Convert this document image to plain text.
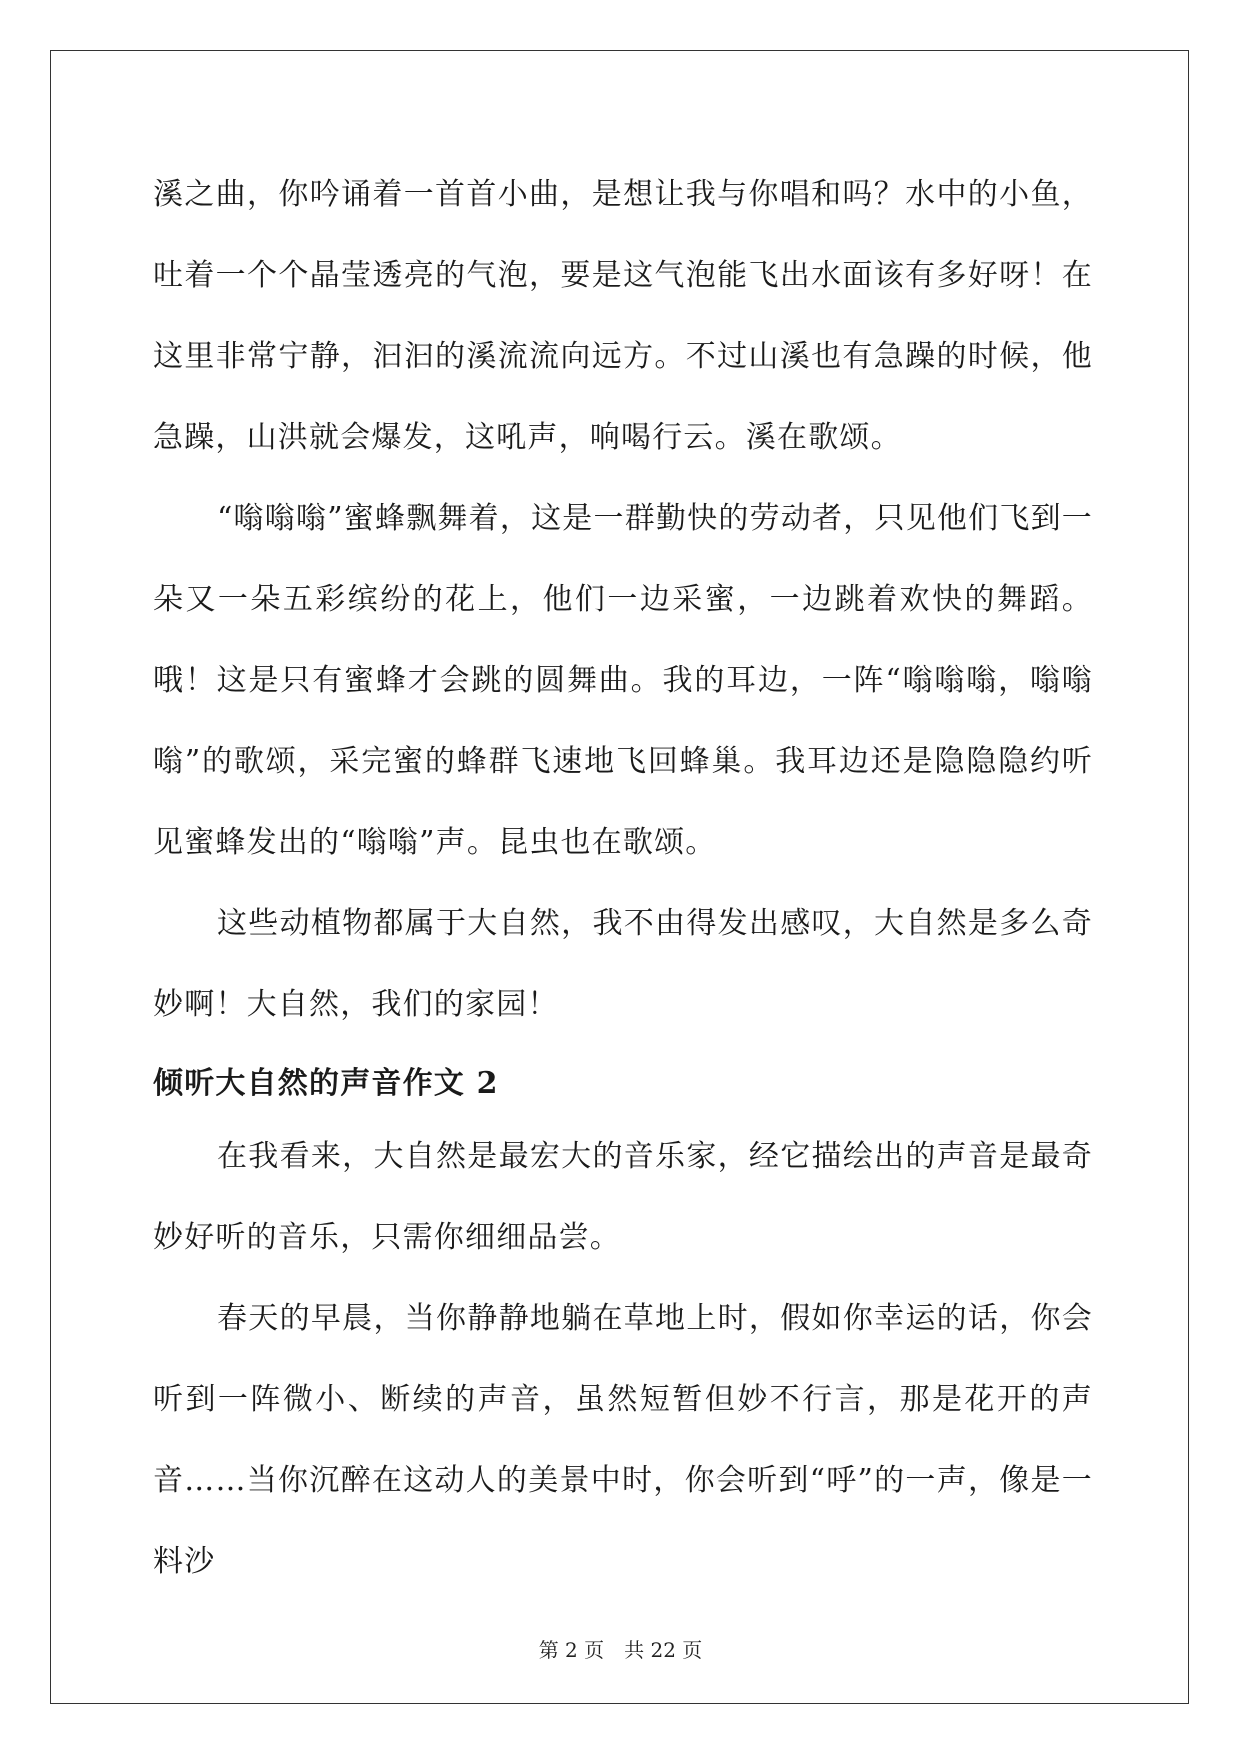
溪之曲，你吟诵着一首首小曲，是想让我与你唱和吗？水中的小鱼，吐着一个个晶莹透亮的气泡，要是这气泡能飞出水面该有多好呀！在这里非常宁静，汩汩的溪流流向远方。不过山溪也有急躁的时候，他急躁，山洪就会爆发，这吼声，响喝行云。溪在歌颂。

“嗡嗡嗡”蜜蜂飘舞着，这是一群勤快的劳动者，只见他们飞到一朵又一朵五彩缤纷的花上，他们一边采蜜，一边跳着欢快的舞蹈。哦！这是只有蜜蜂才会跳的圆舞曲。我的耳边，一阵“嗡嗡嗡，嗡嗡嗡”的歌颂，采完蜜的蜂群飞速地飞回蜂巢。我耳边还是隐隐隐约听见蜜蜂发出的“嗡嗡”声。昆虫也在歌颂。

这些动植物都属于大自然，我不由得发出感叹，大自然是多么奇妙啊！大自然，我们的家园！

倾听大自然的声音作文 2

在我看来，大自然是最宏大的音乐家，经它描绘出的声音是最奇妙好听的音乐，只需你细细品尝。

春天的早晨，当你静静地躺在草地上时，假如你幸运的话，你会听到一阵微小、断续的声音，虽然短暂但妙不行言，那是花开的声音……当你沉醉在这动人的美景中时，你会听到“呼”的一声，像是一料沙

第 2 页　共 22 页
